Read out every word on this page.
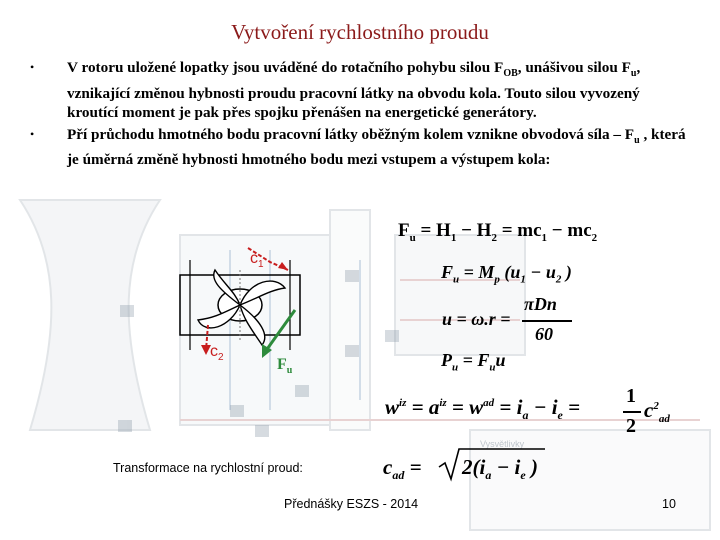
Vysvětlivky
Vytvoření rychlostního proudu
• V rotoru uložené lopatky jsou uváděné do rotačního pohybu silou $F_{OB}$, unášivou silou $F_u$, vznikající změnou hybnosti proudu pracovní látky na obvodu kola. Touto silou vyvozený kroutící moment je pak přes spojku přenášen na energetické generátory.
• Pří průchodu hmotného bodu pracovní látky oběžným kolem vznikne obvodová síla – $F_u$ , která je úměrná změně hybnosti hmotného bodu mezi vstupem a výstupem kola:
$c_1$
$c_2$	$F_u$
$F_u = H_1 - H_2 = mc_1 - mc_2$
$F_u = M_p$ ($u_1 - u_2$ )
πDn
u = ω.r =
60
$P_u = F_uu$
$w^{iz} = a^{iz} = w^{ad} = i_a - i_e = 1$
2
$c^2_{ad}$
$c_{ad} = 2(i_a - i_e$ )
Transformace na rychlostní proud:
Přednášky ESZS - 2014	10
